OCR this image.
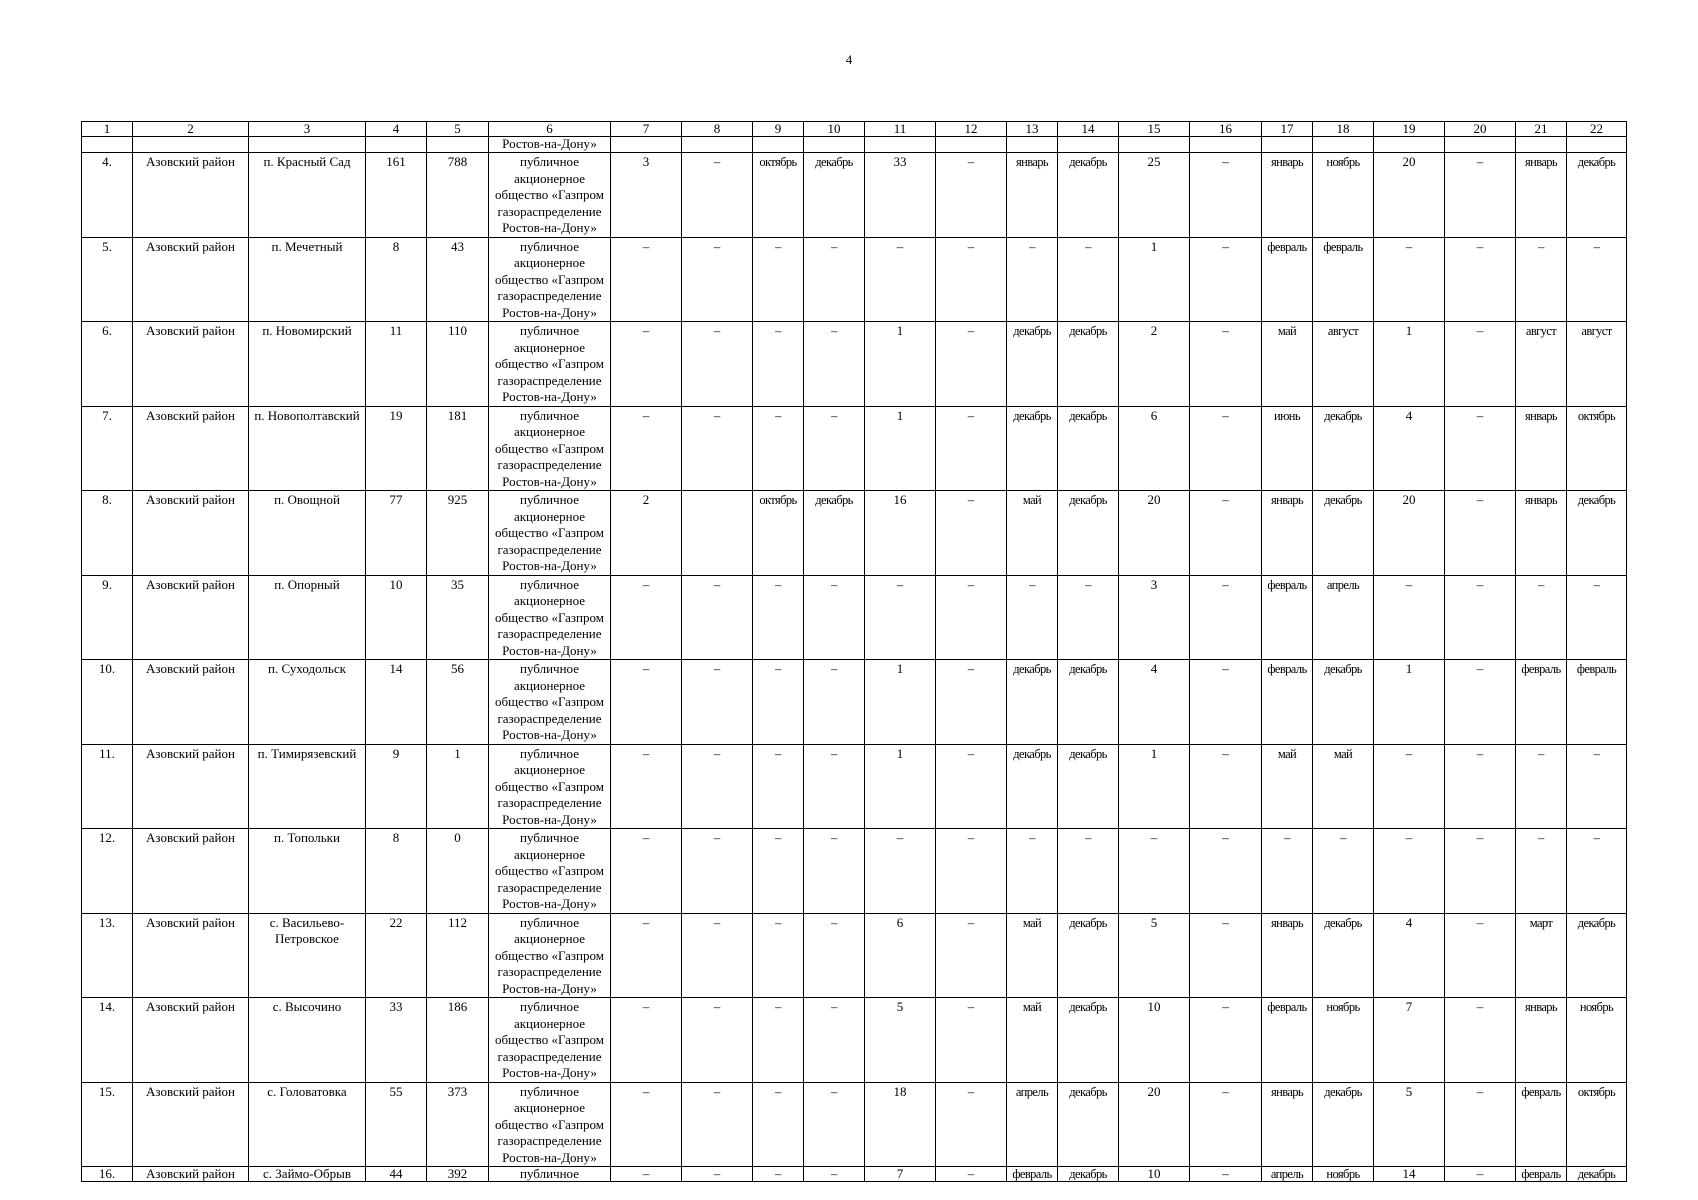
4
1	2	3	4	5	6	7	8	9	10	11	12	13	14	15	16	17	18	19	20	21	22
					Ростов-на-Дону»																
4.	Азовский район	п. Красный Сад	161	788	публичное акционерное общество «Газпром газораспределение Ростов-на-Дону»	3	–	октябрь	декабрь	33	–	январь	декабрь	25	–	январь	ноябрь	20	–	январь	декабрь
5.	Азовский район	п. Мечетный	8	43	публичное акционерное общество «Газпром газораспределение Ростов-на-Дону»	–	–	–	–	–	–	–	–	1	–	февраль	февраль	–	–	–	–
6.	Азовский район	п. Новомирский	11	110	публичное акционерное общество «Газпром газораспределение Ростов-на-Дону»	–	–	–	–	1	–	декабрь	декабрь	2	–	май	август	1	–	август	август
7.	Азовский район	п. Новополтавский	19	181	публичное акционерное общество «Газпром газораспределение Ростов-на-Дону»	–	–	–	–	1	–	декабрь	декабрь	6	–	июнь	декабрь	4	–	январь	октябрь
8.	Азовский район	п. Овощной	77	925	публичное акционерное общество «Газпром газораспределение Ростов-на-Дону»	2		октябрь	декабрь	16	–	май	декабрь	20	–	январь	декабрь	20	–	январь	декабрь
9.	Азовский район	п. Опорный	10	35	публичное акционерное общество «Газпром газораспределение Ростов-на-Дону»	–	–	–	–	–	–	–	–	3	–	февраль	апрель	–	–	–	–
10.	Азовский район	п. Суходольск	14	56	публичное акционерное общество «Газпром газораспределение Ростов-на-Дону»	–	–	–	–	1	–	декабрь	декабрь	4	–	февраль	декабрь	1	–	февраль	февраль
11.	Азовский район	п. Тимирязевский	9	1	публичное акционерное общество «Газпром газораспределение Ростов-на-Дону»	–	–	–	–	1	–	декабрь	декабрь	1	–	май	май	–	–	–	–
12.	Азовский район	п. Топольки	8	0	публичное акционерное общество «Газпром газораспределение Ростов-на-Дону»	–	–	–	–	–	–	–	–	–	–	–	–	–	–	–	–
13.	Азовский район	с. Васильево-Петровское	22	112	публичное акционерное общество «Газпром газораспределение Ростов-на-Дону»	–	–	–	–	6	–	май	декабрь	5	–	январь	декабрь	4	–	март	декабрь
14.	Азовский район	с. Высочино	33	186	публичное акционерное общество «Газпром газораспределение Ростов-на-Дону»	–	–	–	–	5	–	май	декабрь	10	–	февраль	ноябрь	7	–	январь	ноябрь
15.	Азовский район	с. Головатовка	55	373	публичное акционерное общество «Газпром газораспределение Ростов-на-Дону»	–	–	–	–	18	–	апрель	декабрь	20	–	январь	декабрь	5	–	февраль	октябрь
16.	Азовский район	с. Займо-Обрыв	44	392	публичное	–	–	–	–	7	–	февраль	декабрь	10	–	апрель	ноябрь	14	–	февраль	декабрь
